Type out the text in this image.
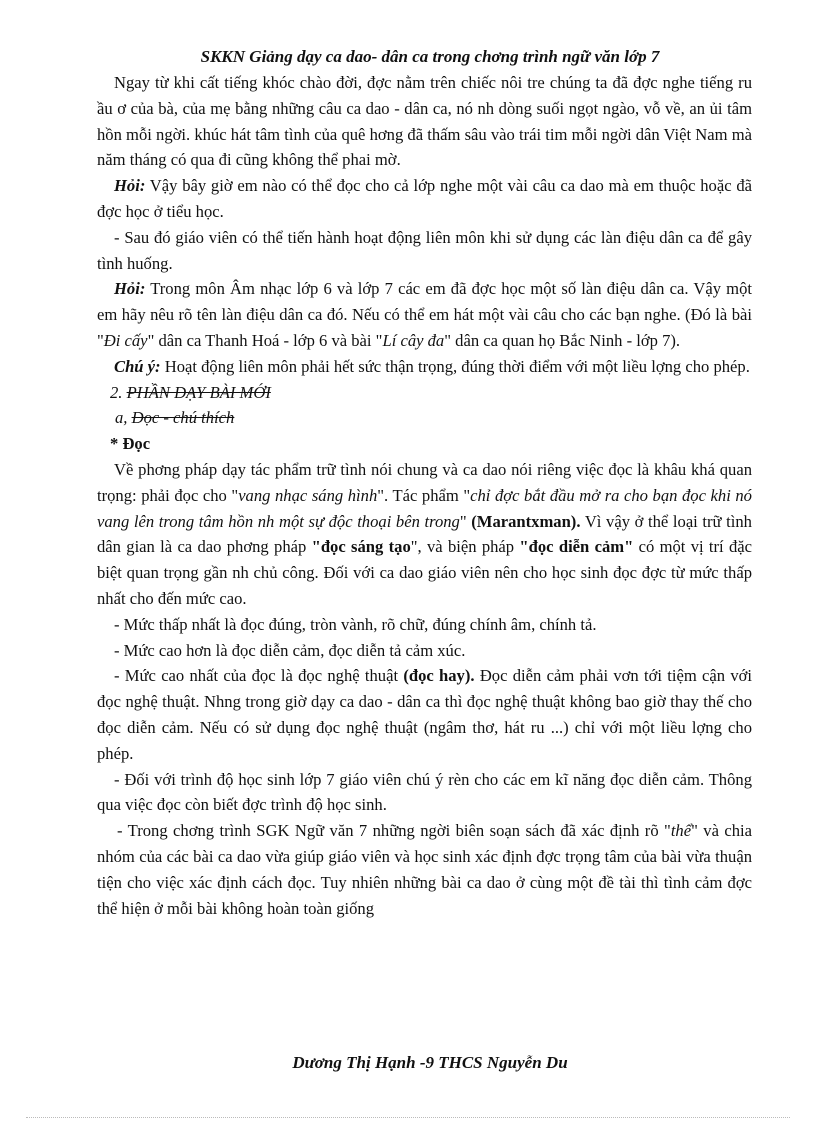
SKKN Giảng dạy ca dao- dân ca trong chơng trình ngữ văn lớp 7

Ngay từ khi cất tiếng khóc chào đời, đợc nằm trên chiếc nôi tre chúng ta đã đợc nghe tiếng ru ầu ơ của bà, của mẹ bằng những câu ca dao - dân ca, nó nh dòng suối ngọt ngào, vỗ về, an ủi tâm hồn mỗi ngời. khúc hát tâm tình của quê hơng đã thấm sâu vào trái tim mỗi ngời dân Việt Nam mà năm tháng có qua đi cũng không thể phai mờ.

Hỏi: Vậy bây giờ em nào có thể đọc cho cả lớp nghe một vài câu ca dao mà em thuộc hoặc đã đợc học ở tiểu học.

- Sau đó giáo viên có thể tiến hành hoạt động liên môn khi sử dụng các làn điệu dân ca để gây tình huống.

Hỏi: Trong môn Âm nhạc lớp 6 và lớp 7 các em đã đợc học một số làn điệu dân ca. Vậy một em hãy nêu rõ tên làn điệu dân ca đó. Nếu có thể em hát một vài câu cho các bạn nghe. (Đó là bài "Đi cấy" dân ca Thanh Hoá - lớp 6 và bài "Lí cây đa" dân ca quan họ Bắc Ninh - lớp 7).

Chú ý: Hoạt động liên môn phải hết sức thận trọng, đúng thời điểm với một liều lợng cho phép.

2. PHẦN DẠY BÀI MỚI

a, Đọc - chú thích

* Đọc

Về phơng pháp dạy tác phẩm trữ tình nói chung và ca dao nói riêng việc đọc là khâu khá quan trọng: phải đọc cho "vang nhạc sáng hình". Tác phẩm "chỉ đợc bắt đầu mở ra cho bạn đọc khi nó vang lên trong tâm hồn nh một sự độc thoại bên trong" (Marantxman). Vì vậy ở thể loại trữ tình dân gian là ca dao phơng pháp "đọc sáng tạo", và biện pháp "đọc diễn cảm" có một vị trí đặc biệt quan trọng gần nh chủ công. Đối với ca dao giáo viên nên cho học sinh đọc đợc từ mức thấp nhất cho đến mức cao.

- Mức thấp nhất là đọc đúng, tròn vành, rõ chữ, đúng chính âm, chính tả.

- Mức cao hơn là đọc diễn cảm, đọc diễn tả cảm xúc.

- Mức cao nhất của đọc là đọc nghệ thuật (đọc hay). Đọc diễn cảm phải vơn tới tiệm cận với đọc nghệ thuật. Nhng trong giờ dạy ca dao - dân ca thì đọc nghệ thuật không bao giờ thay thế cho đọc diễn cảm. Nếu có sử dụng đọc nghệ thuật (ngâm thơ, hát ru ...) chỉ với một liều lợng cho phép.

- Đối với trình độ học sinh lớp 7 giáo viên chú ý rèn cho các em kĩ năng đọc diễn cảm. Thông qua việc đọc còn biết đợc trình độ học sinh.

- Trong chơng trình SGK Ngữ văn 7 những ngời biên soạn sách đã xác định rõ "thể" và chia nhóm của các bài ca dao vừa giúp giáo viên và học sinh xác định đợc trọng tâm của bài vừa thuận tiện cho việc xác định cách đọc. Tuy nhiên những bài ca dao ở cùng một đề tài thì tình cảm đợc thể hiện ở mỗi bài không hoàn toàn giống

Dương Thị Hạnh -9 THCS Nguyễn Du
